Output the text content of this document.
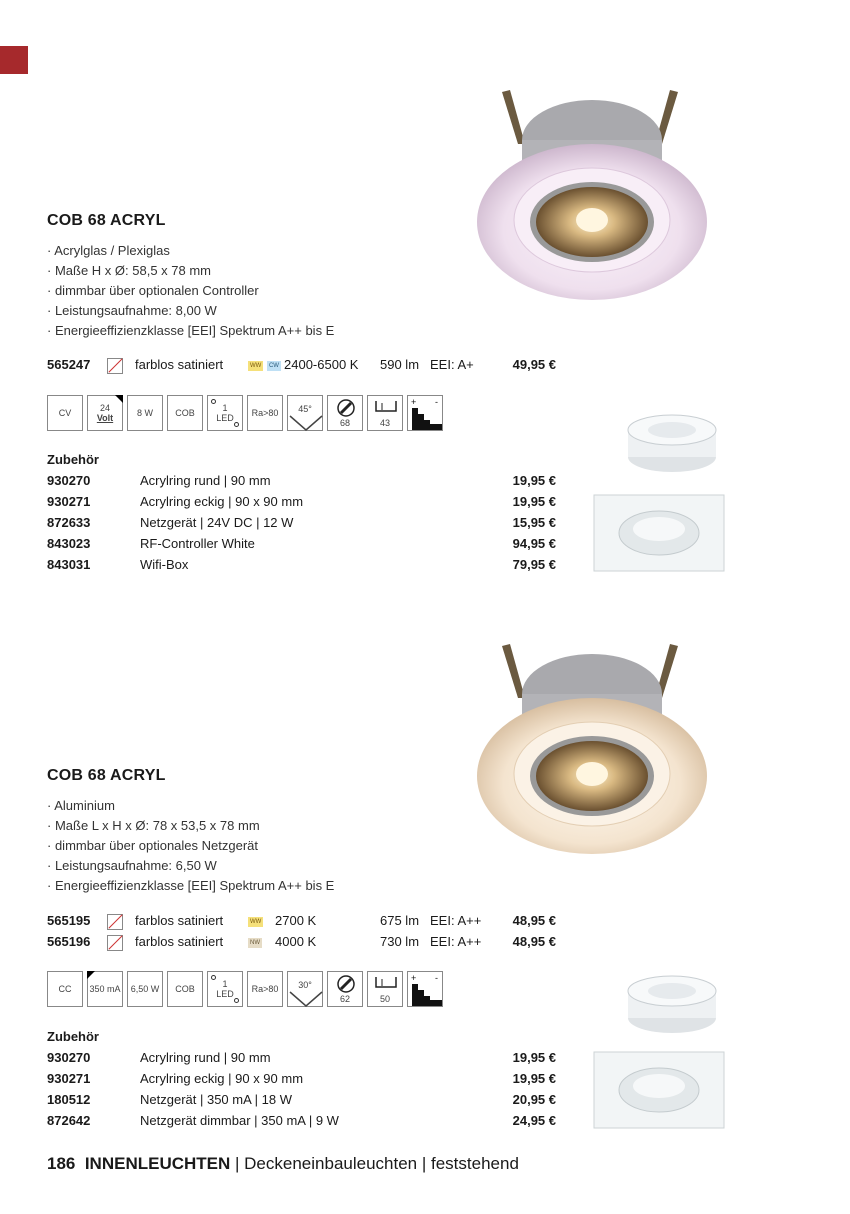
COB 68 ACRYL
· Acrylglas / Plexiglas
· Maße H x Ø: 58,5 x 78 mm
· dimmbar über optionalen Controller
· Leistungsaufnahme: 8,00 W
· Energieeffizienzklasse [EEI] Spektrum A++ bis E
565247	farblos satiniert	WW CW 2400-6500 K 590 lm EEI: A+	49,95 €
CV	24
Volt	8 W	COB	1
LED	Ra>80	45°
68	43
+ -
Zubehör
930270	Acrylring rund | 90 mm	19,95 €
930271	Acrylring eckig | 90 x 90 mm	19,95 €
872633	Netzgerät | 24V DC | 12 W	15,95 €
843023	RF-Controller White	94,95 €
843031	Wifi-Box	79,95 €
COB 68 ACRYL
· Aluminium
· Maße L x H x Ø: 78 x 53,5 x 78 mm
· dimmbar über optionales Netzgerät
· Leistungsaufnahme: 6,50 W
· Energieeffizienzklasse [EEI] Spektrum A++ bis E
565195	farblos satiniert	WW 2700 K	675 lm EEI: A++	48,95 €
565196	farblos satiniert	NW 4000 K	730 lm EEI: A++	48,95 €
CC	350 mA	6,50 W	COB	1
LED	Ra>80	30°
62	50
+ -
Zubehör
930270	Acrylring rund | 90 mm	19,95 €
930271	Acrylring eckig | 90 x 90 mm	19,95 €
180512	Netzgerät | 350 mA | 18 W	20,95 €
872642	Netzgerät dimmbar | 350 mA | 9 W	24,95 €
186 INNENLEUCHTEN | Deckeneinbauleuchten | feststehend
